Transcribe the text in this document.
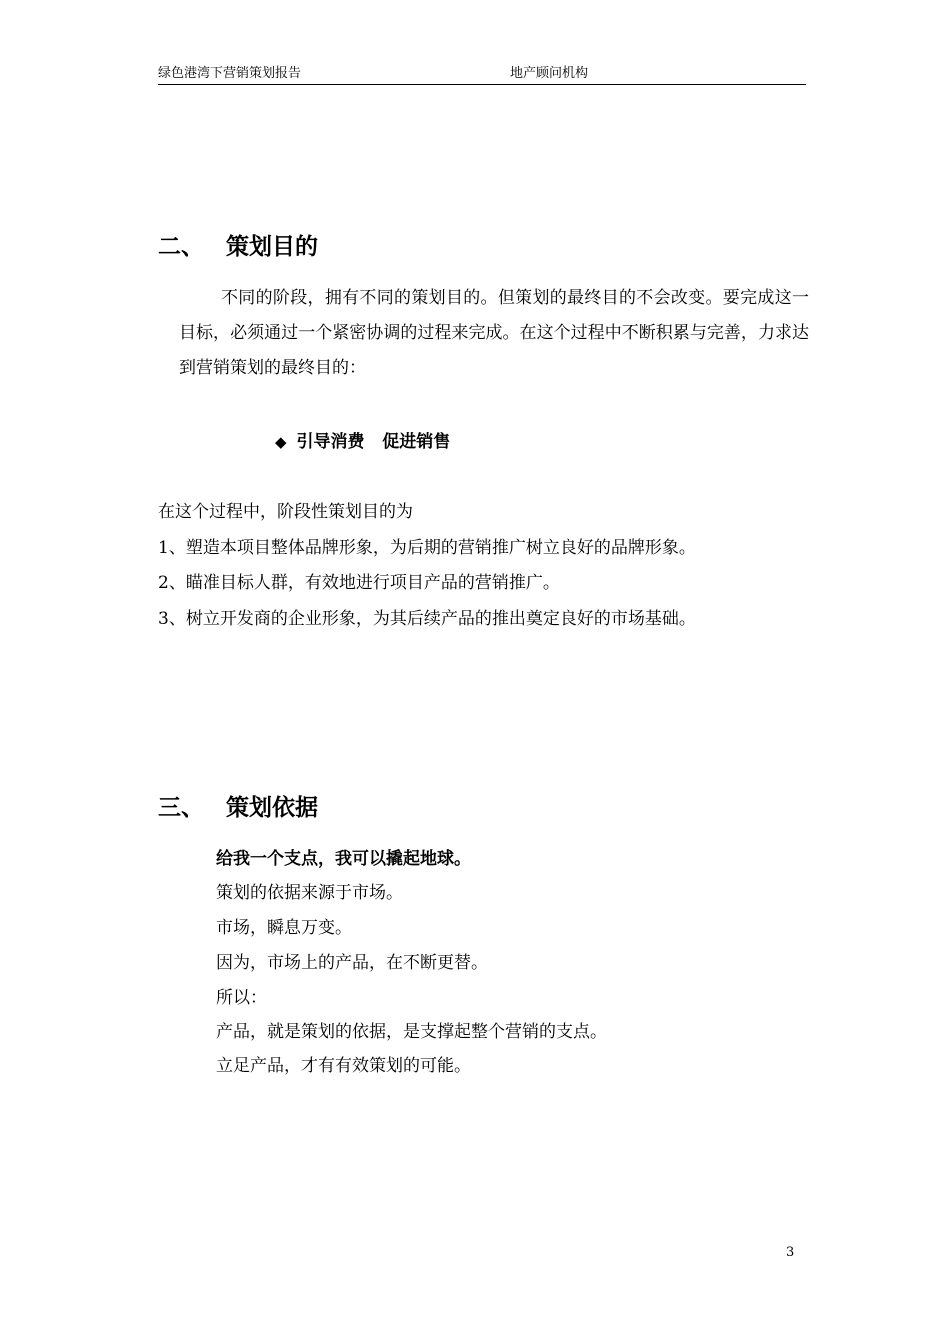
绿色港湾下营销策划报告	地产顾问机构
二、 策划目的
不同的阶段，拥有不同的策划目的。但策划的最终目的不会改变。要完成这一目标，必须通过一个紧密协调的过程来完成。在这个过程中不断积累与完善，力求达到营销策划的最终目的：
◆ 引导消费   促进销售
在这个过程中，阶段性策划目的为
1、塑造本项目整体品牌形象，为后期的营销推广树立良好的品牌形象。
2、瞄准目标人群，有效地进行项目产品的营销推广。
3、树立开发商的企业形象，为其后续产品的推出奠定良好的市场基础。
三、 策划依据
给我一个支点，我可以撬起地球。
策划的依据来源于市场。
市场，瞬息万变。
因为，市场上的产品，在不断更替。
所以：
产品，就是策划的依据，是支撑起整个营销的支点。
立足产品，才有有效策划的可能。
3
